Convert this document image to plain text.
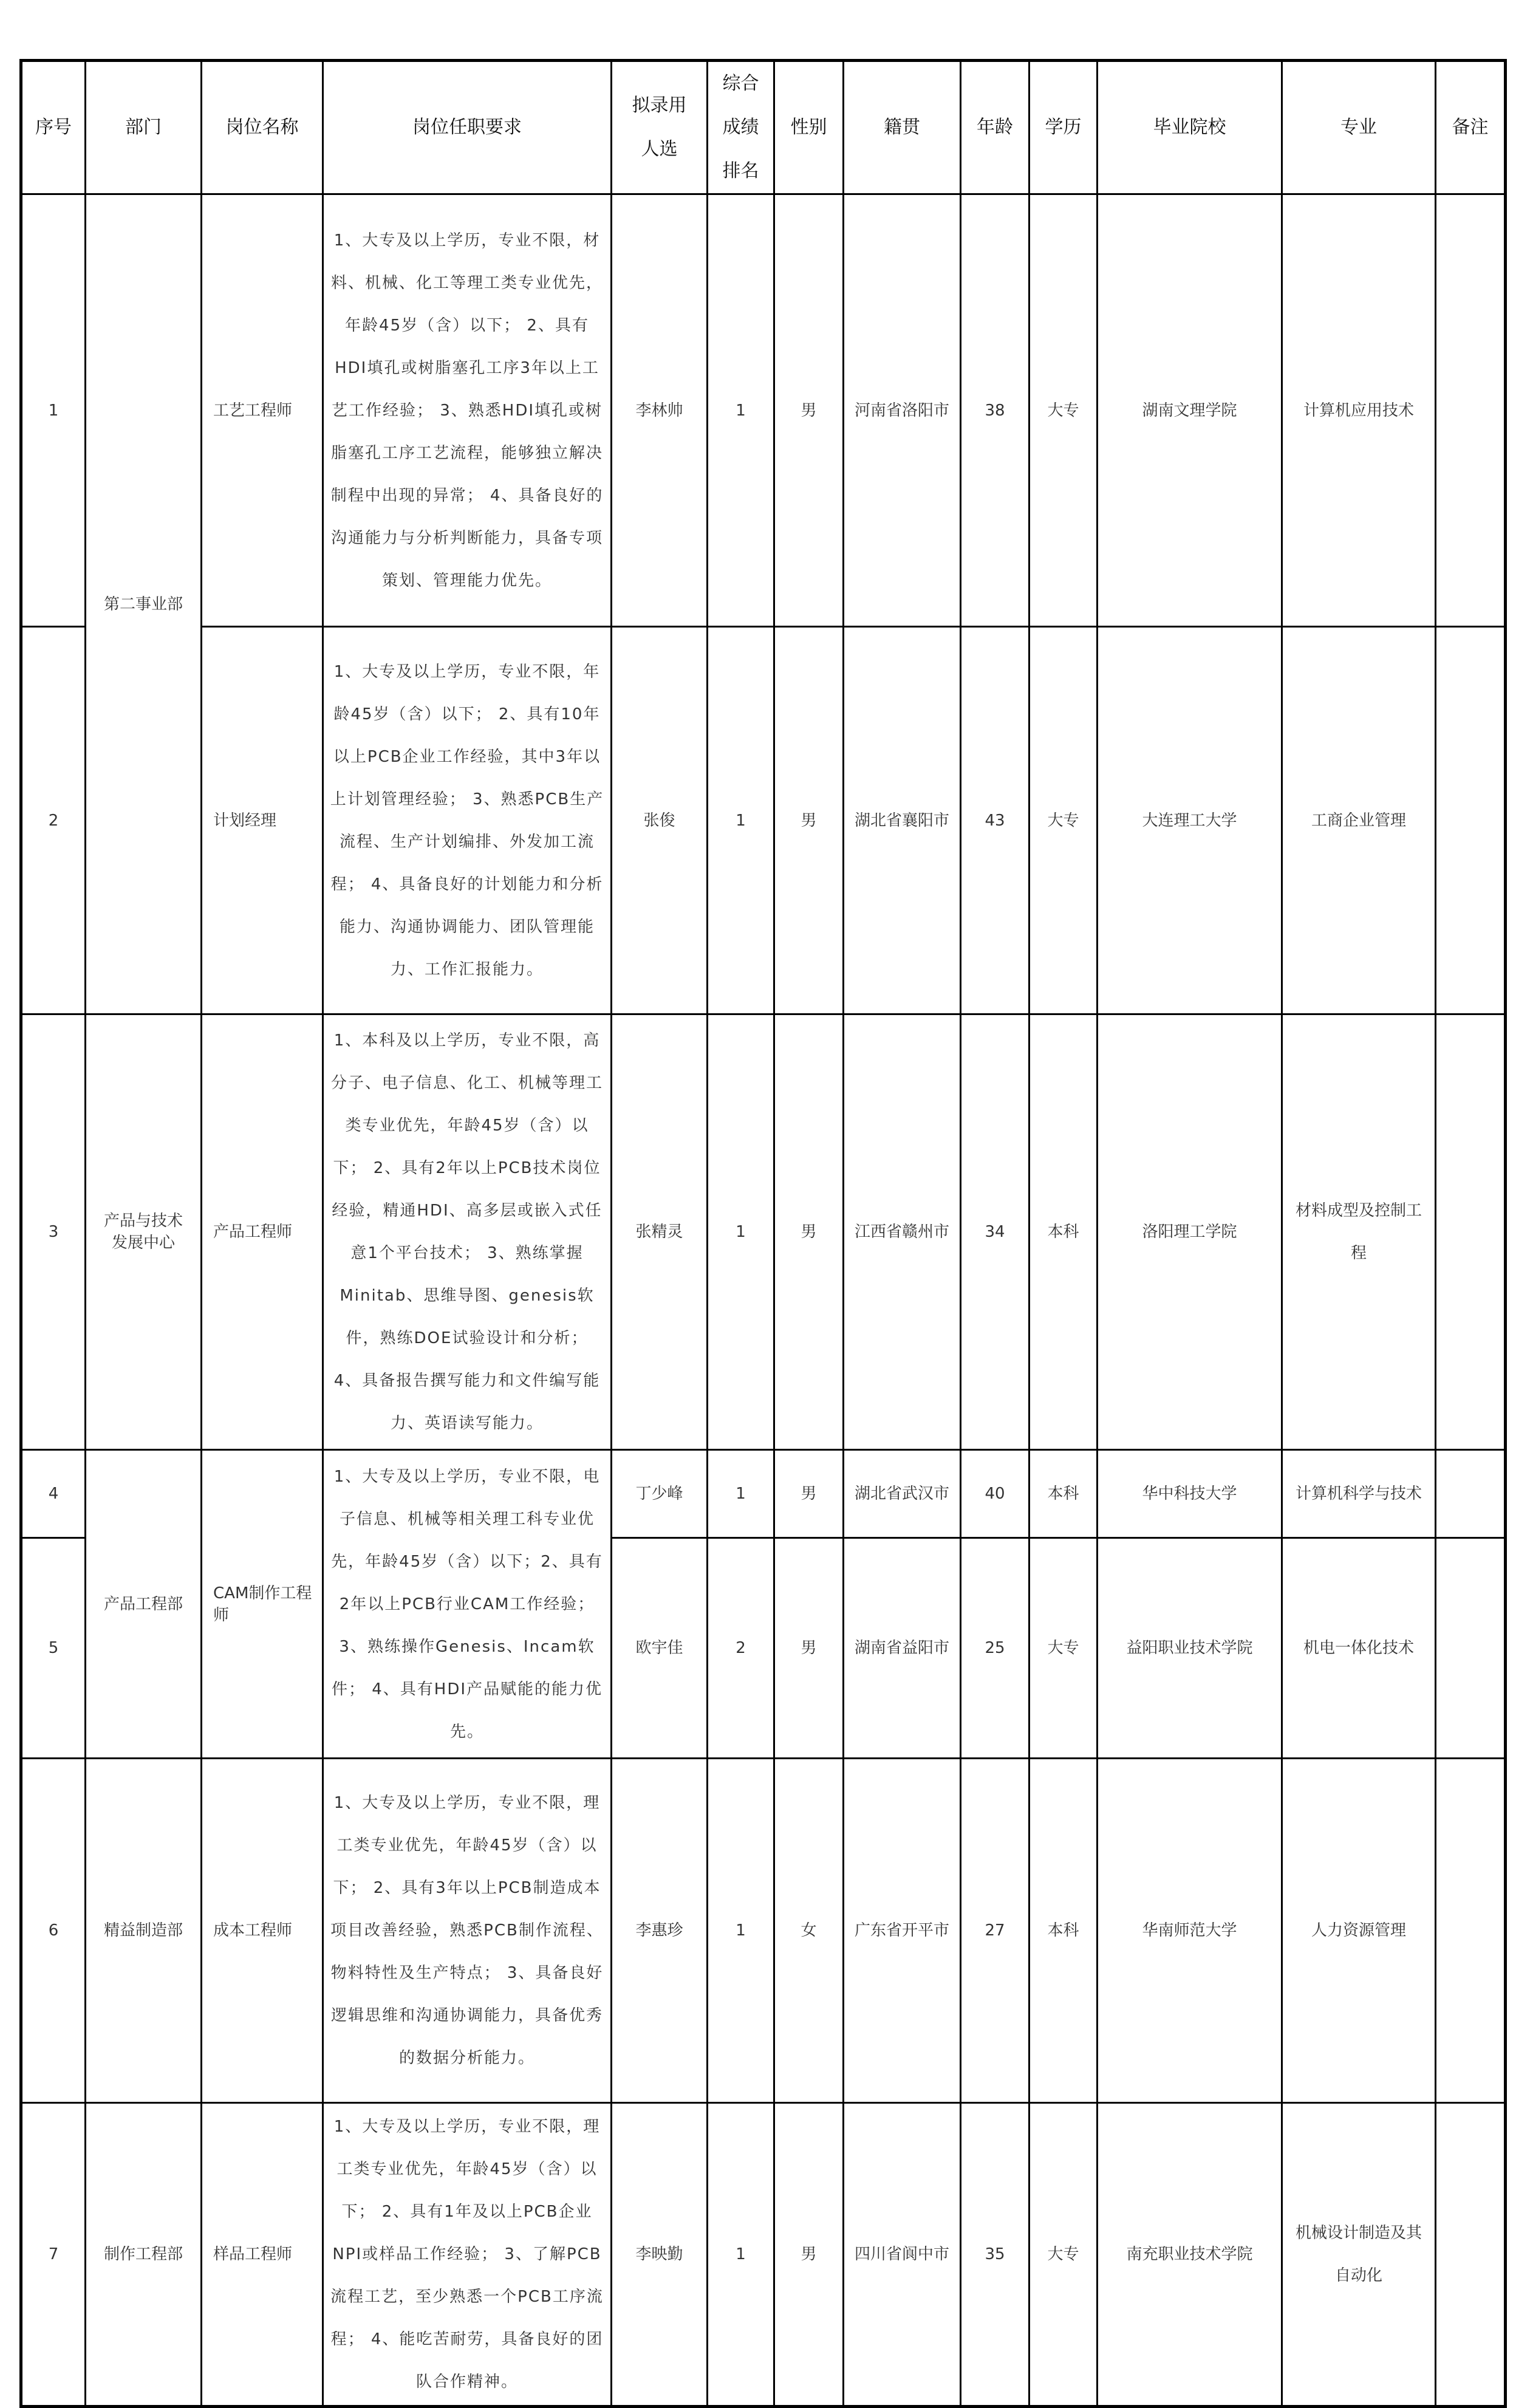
序号	部门	岗位名称	岗位任职要求	拟录用人选	综合成绩排名	性别	籍贯	年龄	学历	毕业院校	专业	备注
1	第二事业部	工艺工程师	1、大专及以上学历，专业不限，材料、机械、化工等理工类专业优先，年龄45岁（含）以下； 2、具有HDI填孔或树脂塞孔工序3年以上工艺工作经验； 3、熟悉HDI填孔或树脂塞孔工序工艺流程，能够独立解决制程中出现的异常； 4、具备良好的沟通能力与分析判断能力，具备专项策划、管理能力优先。	李林帅	1	男	河南省洛阳市	38	大专	湖南文理学院	计算机应用技术	
2		计划经理	1、大专及以上学历，专业不限，年龄45岁（含）以下； 2、具有10年以上PCB企业工作经验，其中3年以上计划管理经验； 3、熟悉PCB生产流程、生产计划编排、外发加工流程； 4、具备良好的计划能力和分析能力、沟通协调能力、团队管理能力、工作汇报能力。	张俊	1	男	湖北省襄阳市	43	大专	大连理工大学	工商企业管理	
3	产品与技术发展中心	产品工程师	1、本科及以上学历，专业不限，高分子、电子信息、化工、机械等理工类专业优先，年龄45岁（含）以下； 2、具有2年以上PCB技术岗位经验，精通HDI、高多层或嵌入式任意1个平台技术； 3、熟练掌握Minitab、思维导图、genesis软件，熟练DOE试验设计和分析； 4、具备报告撰写能力和文件编写能力、英语读写能力。	张精灵	1	男	江西省赣州市	34	本科	洛阳理工学院	材料成型及控制工程	
4	产品工程部	CAM制作工程师	1、大专及以上学历，专业不限，电子信息、机械等相关理工科专业优先，年龄45岁（含）以下；2、具有2年以上PCB行业CAM工作经验； 3、熟练操作Genesis、Incam软件； 4、具有HDI产品赋能的能力优先。	丁少峰	1	男	湖北省武汉市	40	本科	华中科技大学	计算机科学与技术	
5				欧宇佳	2	男	湖南省益阳市	25	大专	益阳职业技术学院	机电一体化技术	
6	精益制造部	成本工程师	1、大专及以上学历，专业不限，理工类专业优先，年龄45岁（含）以下； 2、具有3年以上PCB制造成本项目改善经验，熟悉PCB制作流程、物料特性及生产特点； 3、具备良好逻辑思维和沟通协调能力，具备优秀的数据分析能力。	李惠珍	1	女	广东省开平市	27	本科	华南师范大学	人力资源管理	
7	制作工程部	样品工程师	1、大专及以上学历，专业不限，理工类专业优先，年龄45岁（含）以下； 2、具有1年及以上PCB企业NPI或样品工作经验； 3、了解PCB流程工艺，至少熟悉一个PCB工序流程； 4、能吃苦耐劳，具备良好的团队合作精神。	李映勤	1	男	四川省阆中市	35	大专	南充职业技术学院	机械设计制造及其自动化	
